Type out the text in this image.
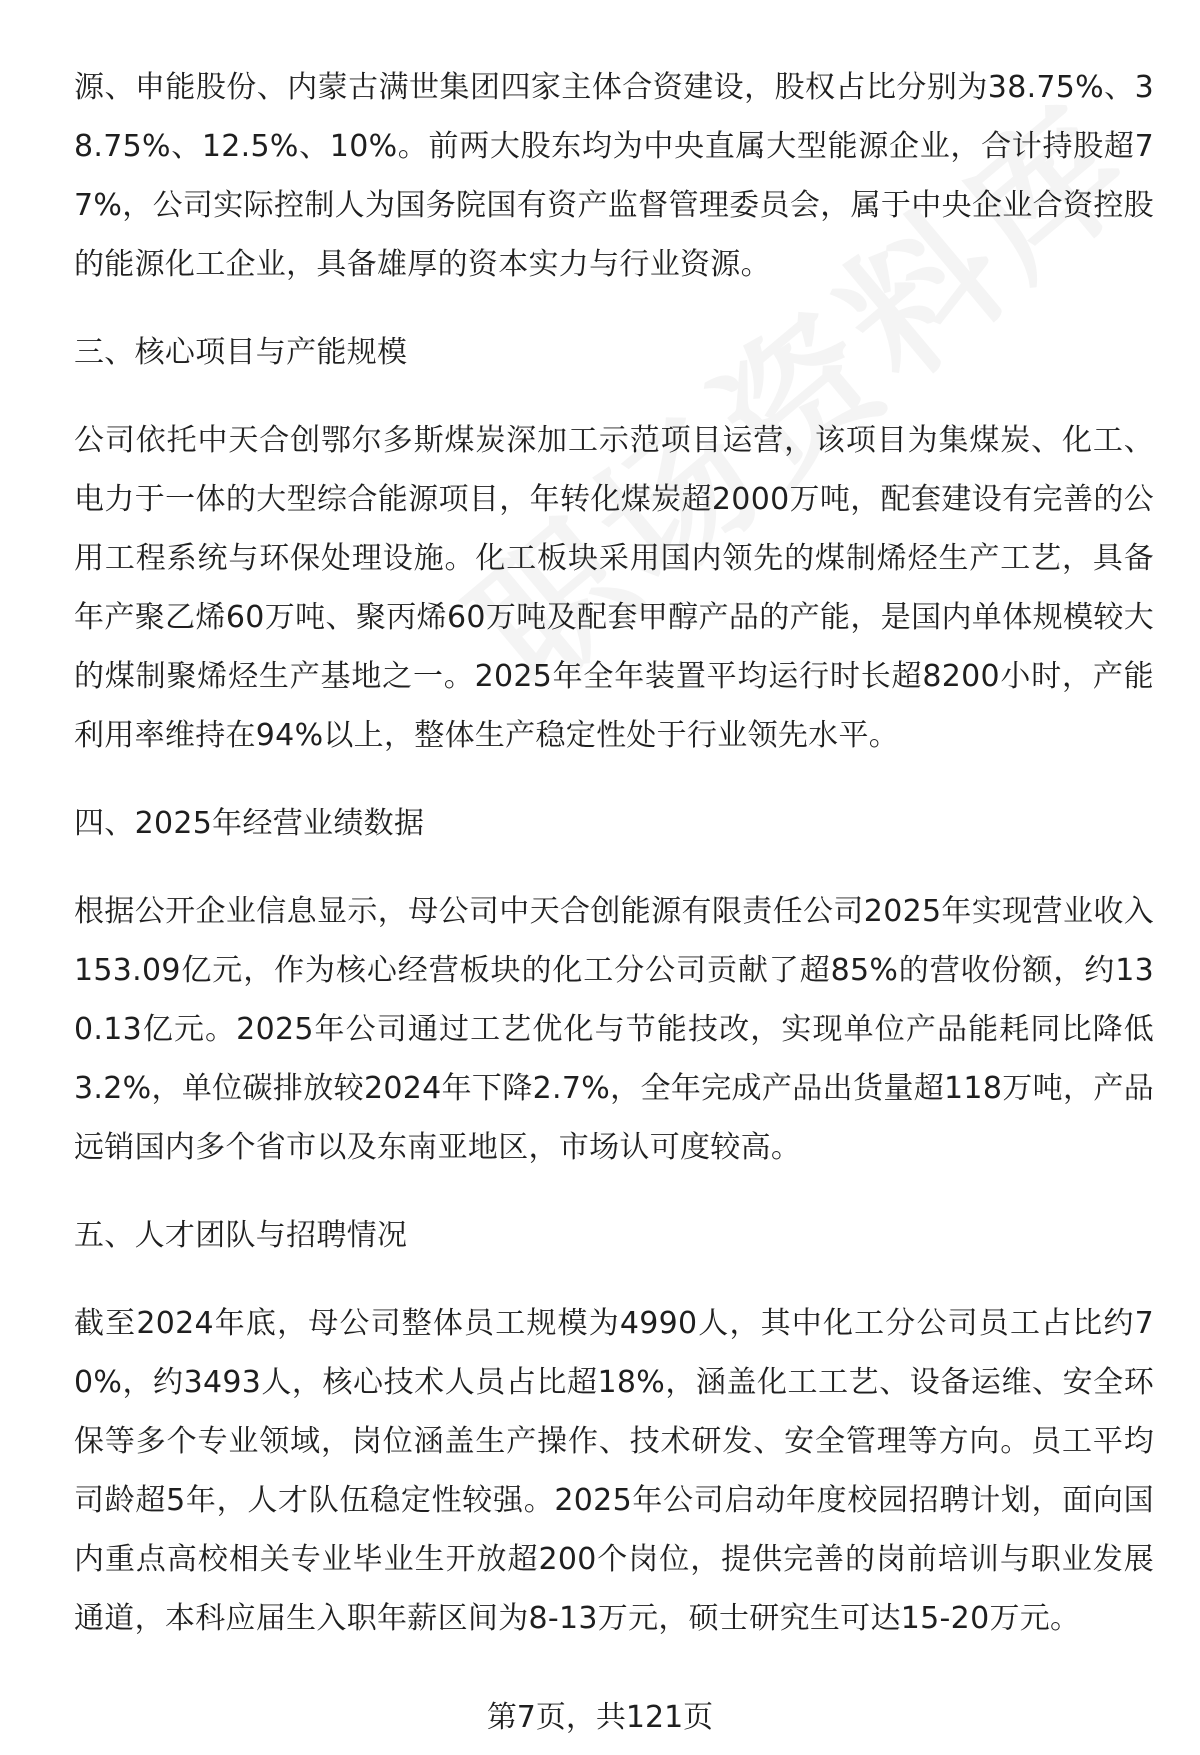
源、申能股份、内蒙古满世集团四家主体合资建设，股权占比分别为38.75%、38.75%、12.5%、10%。前两大股东均为中央直属大型能源企业，合计持股超77%，公司实际控制人为国务院国有资产监督管理委员会，属于中央企业合资控股的能源化工企业，具备雄厚的资本实力与行业资源。

三、核心项目与产能规模

公司依托中天合创鄂尔多斯煤炭深加工示范项目运营，该项目为集煤炭、化工、电力于一体的大型综合能源项目，年转化煤炭超2000万吨，配套建设有完善的公用工程系统与环保处理设施。化工板块采用国内领先的煤制烯烃生产工艺，具备年产聚乙烯60万吨、聚丙烯60万吨及配套甲醇产品的产能，是国内单体规模较大的煤制聚烯烃生产基地之一。2025年全年装置平均运行时长超8200小时，产能利用率维持在94%以上，整体生产稳定性处于行业领先水平。

四、2025年经营业绩数据

根据公开企业信息显示，母公司中天合创能源有限责任公司2025年实现营业收入153.09亿元，作为核心经营板块的化工分公司贡献了超85%的营收份额，约130.13亿元。2025年公司通过工艺优化与节能技改，实现单位产品能耗同比降低3.2%，单位碳排放较2024年下降2.7%，全年完成产品出货量超118万吨，产品远销国内多个省市以及东南亚地区，市场认可度较高。

五、人才团队与招聘情况

截至2024年底，母公司整体员工规模为4990人，其中化工分公司员工占比约70%，约3493人，核心技术人员占比超18%，涵盖化工工艺、设备运维、安全环保等多个专业领域，岗位涵盖生产操作、技术研发、安全管理等方向。员工平均司龄超5年，人才队伍稳定性较强。2025年公司启动年度校园招聘计划，面向国内重点高校相关专业毕业生开放超200个岗位，提供完善的岗前培训与职业发展通道，本科应届生入职年薪区间为8-13万元，硕士研究生可达15-20万元。

第7页，共121页
